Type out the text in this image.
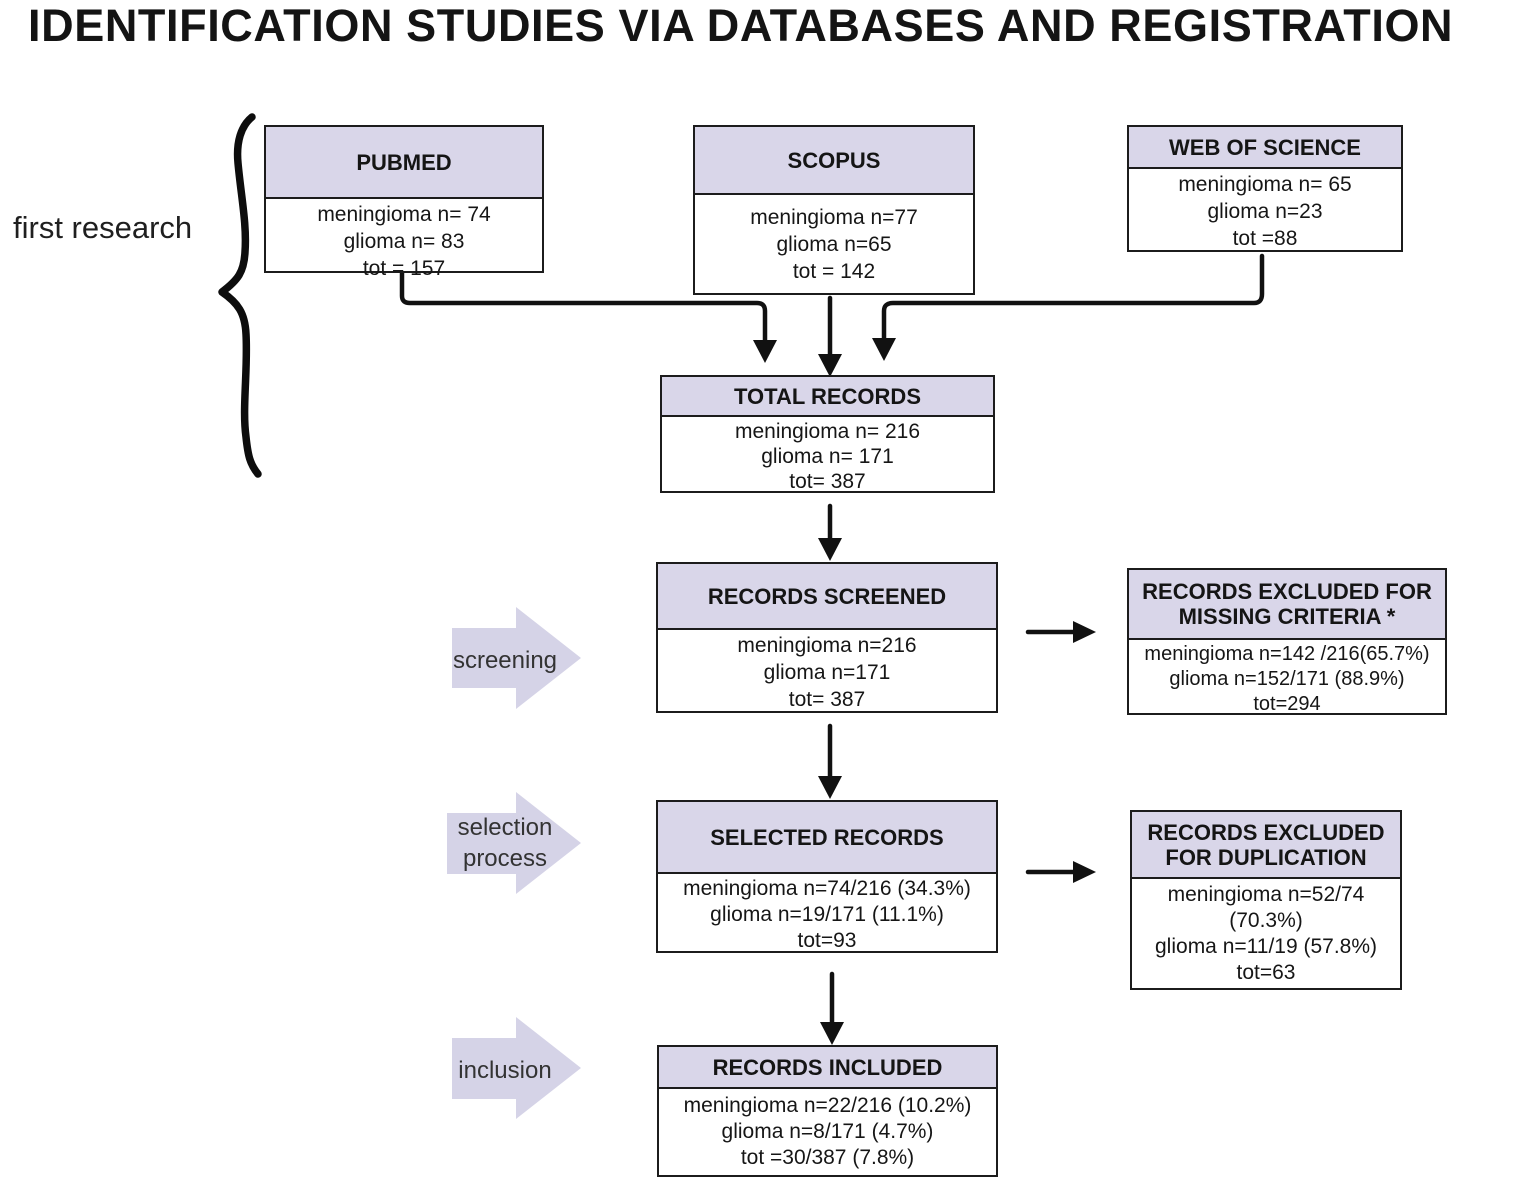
IDENTIFICATION STUDIES VIA DATABASES AND REGISTRATION
first research
screening
selection
process
inclusion
PUBMED
meningioma n= 74
glioma n= 83
tot = 157
SCOPUS
meningioma n=77
glioma n=65
tot = 142
WEB OF SCIENCE
meningioma n= 65
glioma n=23
tot =88
TOTAL RECORDS
meningioma n= 216
glioma n= 171
tot= 387
RECORDS SCREENED
meningioma n=216
glioma n=171
tot= 387
RECORDS EXCLUDED FOR MISSING CRITERIA *
meningioma n=142 /216(65.7%)
glioma n=152/171 (88.9%)
tot=294
SELECTED RECORDS
meningioma n=74/216 (34.3%)
glioma n=19/171 (11.1%)
tot=93
RECORDS EXCLUDED FOR DUPLICATION
meningioma n=52/74
(70.3%)
glioma n=11/19 (57.8%)
tot=63
RECORDS INCLUDED
meningioma n=22/216 (10.2%)
glioma n=8/171 (4.7%)
tot =30/387 (7.8%)
